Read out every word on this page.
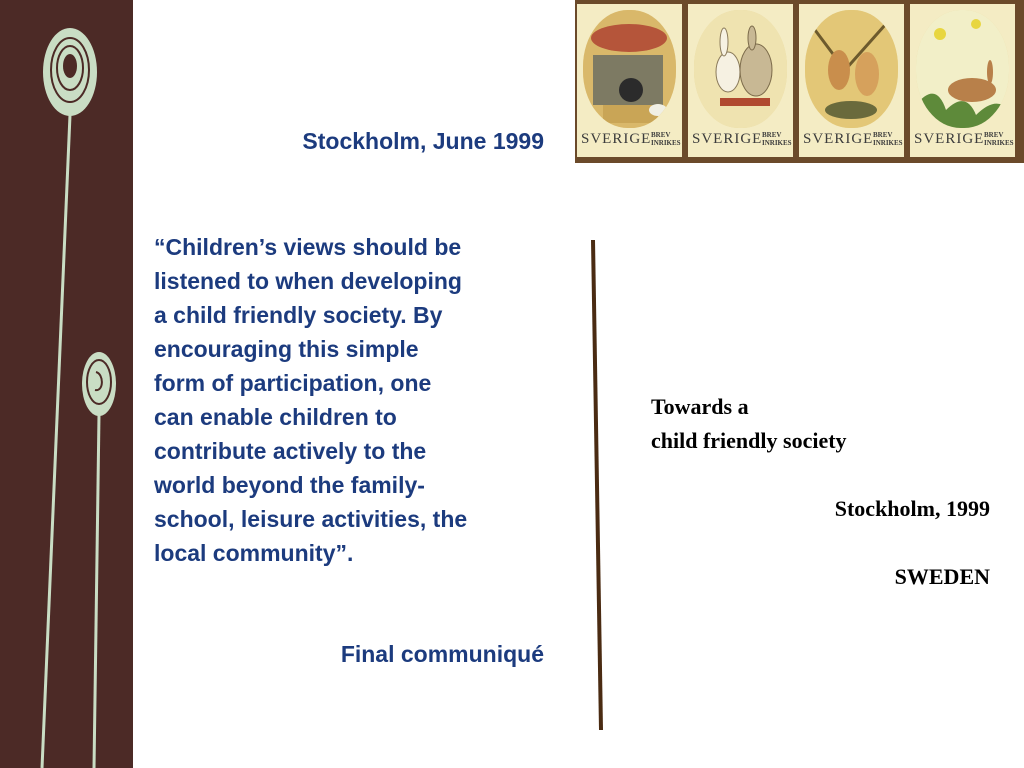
Stockholm, June 1999
“Children’s views should be
listened to when developing
a child friendly society. By
encouraging this simple
form of participation, one
can enable children to
contribute actively to the
world beyond the family-
school, leisure activities, the
local community”.
Final communiqué
SVERIGE BREV INRIKES SVERIGE BREV INRIKES SVERIGE BREV INRIKES SVERIGE BREV INRIKES
Towards a
child friendly society
Stockholm, 1999
SWEDEN
